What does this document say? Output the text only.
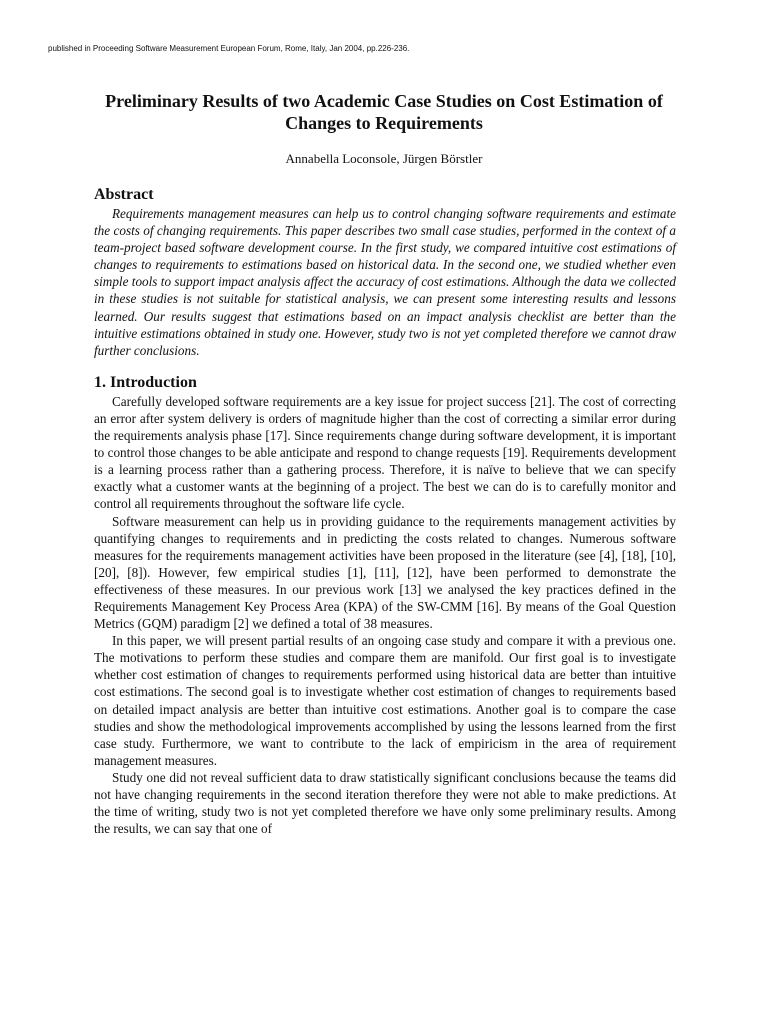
published in Proceeding Software Measurement European Forum, Rome, Italy, Jan 2004, pp.226-236.
Preliminary Results of two Academic Case Studies on Cost Estimation of Changes to Requirements
Annabella Loconsole, Jürgen Börstler
Abstract

Requirements management measures can help us to control changing software requirements and estimate the costs of changing requirements. This paper describes two small case studies, performed in the context of a team-project based software development course. In the first study, we compared intuitive cost estimations of changes to requirements to estimations based on historical data. In the second one, we studied whether even simple tools to support impact analysis affect the accuracy of cost estimations. Although the data we collected in these studies is not suitable for statistical analysis, we can present some interesting results and lessons learned. Our results suggest that estimations based on an impact analysis checklist are better than the intuitive estimations obtained in study one. However, study two is not yet completed therefore we cannot draw further conclusions.

1. Introduction

Carefully developed software requirements are a key issue for project success [21]. The cost of correcting an error after system delivery is orders of magnitude higher than the cost of correcting a similar error during the requirements analysis phase [17]. Since requirements change during software development, it is important to control those changes to be able anticipate and respond to change requests [19]. Requirements development is a learning process rather than a gathering process. Therefore, it is naïve to believe that we can specify exactly what a customer wants at the beginning of a project. The best we can do is to carefully monitor and control all requirements throughout the software life cycle.

Software measurement can help us in providing guidance to the requirements management activities by quantifying changes to requirements and in predicting the costs related to changes. Numerous software measures for the requirements management activities have been proposed in the literature (see [4], [18], [10], [20], [8]). However, few empirical studies [1], [11], [12], have been performed to demonstrate the effectiveness of these measures. In our previous work [13] we analysed the key practices defined in the Requirements Management Key Process Area (KPA) of the SW-CMM [16]. By means of the Goal Question Metrics (GQM) paradigm [2] we defined a total of 38 measures.

In this paper, we will present partial results of an ongoing case study and compare it with a previous one. The motivations to perform these studies and compare them are manifold. Our first goal is to investigate whether cost estimation of changes to requirements performed using historical data are better than intuitive cost estimations. The second goal is to investigate whether cost estimation of changes to requirements based on detailed impact analysis are better than intuitive cost estimations. Another goal is to compare the case studies and show the methodological improvements accomplished by using the lessons learned from the first case study. Furthermore, we want to contribute to the lack of empiricism in the area of requirement management measures.

Study one did not reveal sufficient data to draw statistically significant conclusions because the teams did not have changing requirements in the second iteration therefore they were not able to make predictions. At the time of writing, study two is not yet completed therefore we have only some preliminary results. Among the results, we can say that one of
